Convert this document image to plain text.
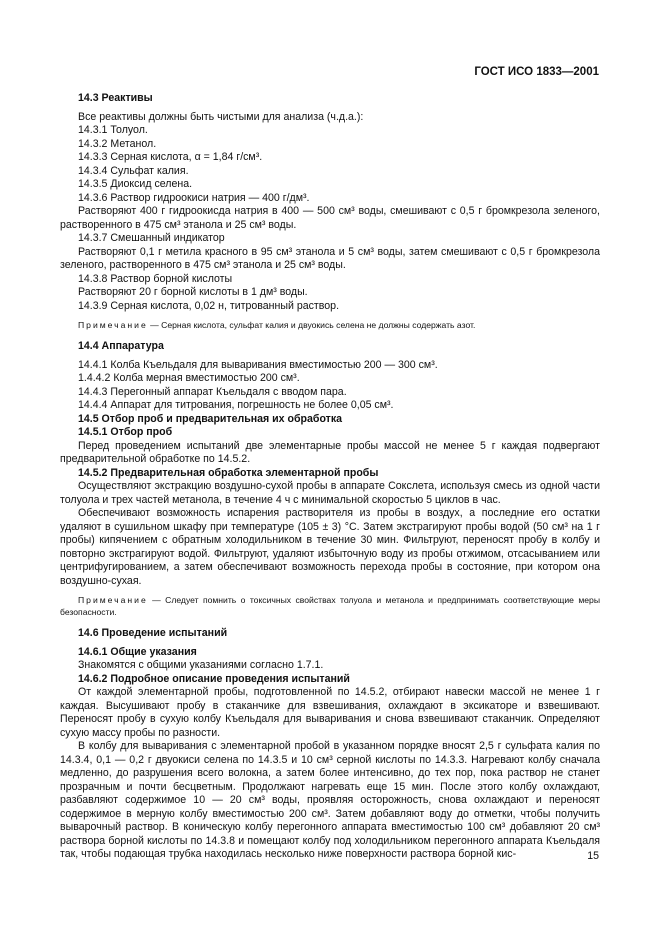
ГОСТ ИСО 1833—2001

14.3 Реактивы

Все реактивы должны быть чистыми для анализа (ч.д.а.):

14.3.1 Толуол.

14.3.2 Метанол.

14.3.3 Серная кислота, α = 1,84 г/см³.

14.3.4 Сульфат калия.

14.3.5 Диоксид селена.

14.3.6 Раствор гидроокиси натрия — 400 г/дм³.

Растворяют 400 г гидроокисда натрия в 400 — 500 см³ воды, смешивают с 0,5 г бромкрезола зеленого, растворенного в 475 см³ этанола и 25 см³ воды.

14.3.7 Смешанный индикатор

Растворяют 0,1 г метила красного в 95 см³ этанола и 5 см³ воды, затем смешивают с 0,5 г бромкрезола зеленого, растворенного в 475 см³ этанола и 25 см³ воды.

14.3.8 Раствор борной кислоты

Растворяют 20 г борной кислоты в 1 дм³ воды.

14.3.9 Серная кислота, 0,02 н, титрованный раствор.

Примечание — Серная кислота, сульфат калия и двуокись селена не должны содержать азот.

14.4 Аппаратура

14.4.1 Колба Къельдаля для вываривания вместимостью 200 — 300 см³.

1.4.4.2 Колба мерная вместимостью 200 см³.

14.4.3 Перегонный аппарат Къельдаля с вводом пара.

14.4.4 Аппарат для титрования, погрешность не более 0,05 см³.

14.5 Отбор проб и предварительная их обработка

14.5.1 Отбор проб

Перед проведением испытаний две элементарные пробы массой не менее 5 г каждая подвергают предварительной обработке по 14.5.2.

14.5.2 Предварительная обработка элементарной пробы

Осуществляют экстракцию воздушно-сухой пробы в аппарате Сокслета, используя смесь из одной части толуола и трех частей метанола, в течение 4 ч с минимальной скоростью 5 циклов в час.

Обеспечивают возможность испарения растворителя из пробы в воздух, а последние его остатки удаляют в сушильном шкафу при температуре (105 ± 3) °С. Затем экстрагируют пробы водой (50 см³ на 1 г пробы) кипячением с обратным холодильником в течение 30 мин. Фильтруют, переносят пробу в колбу и повторно экстрагируют водой. Фильтруют, удаляют избыточную воду из пробы отжимом, отсасыванием или центрифугированием, а затем обеспечивают возможность перехода пробы в состояние, при котором она воздушно-сухая.

Примечание — Следует помнить о токсичных свойствах толуола и метанола и предпринимать соответствующие меры безопасности.

14.6 Проведение испытаний

14.6.1 Общие указания

Знакомятся с общими указаниями согласно 1.7.1.

14.6.2 Подробное описание проведения испытаний

От каждой элементарной пробы, подготовленной по 14.5.2, отбирают навески массой не менее 1 г каждая. Высушивают пробу в стаканчике для взвешивания, охлаждают в эксикаторе и взвешивают. Переносят пробу в сухую колбу Къельдаля для вываривания и снова взвешивают стаканчик. Определяют сухую массу пробы по разности.

В колбу для вываривания с элементарной пробой в указанном порядке вносят 2,5 г сульфата калия по 14.3.4, 0,1 — 0,2 г двуокиси селена по 14.3.5 и 10 см³ серной кислоты по 14.3.3. Нагревают колбу сначала медленно, до разрушения всего волокна, а затем более интенсивно, до тех пор, пока раствор не станет прозрачным и почти бесцветным. Продолжают нагревать еще 15 мин. После этого колбу охлаждают, разбавляют содержимое 10 — 20 см³ воды, проявляя осторожность, снова охлаждают и переносят содержимое в мерную колбу вместимостью 200 см³. Затем добавляют воду до отметки, чтобы получить выварочный раствор. В коническую колбу перегонного аппарата вместимостью 100 см³ добавляют 20 см³ раствора борной кислоты по 14.3.8 и помещают колбу под холодильником перегонного аппарата Къельдаля так, чтобы подающая трубка находилась несколько ниже поверхности раствора борной кис-	15
